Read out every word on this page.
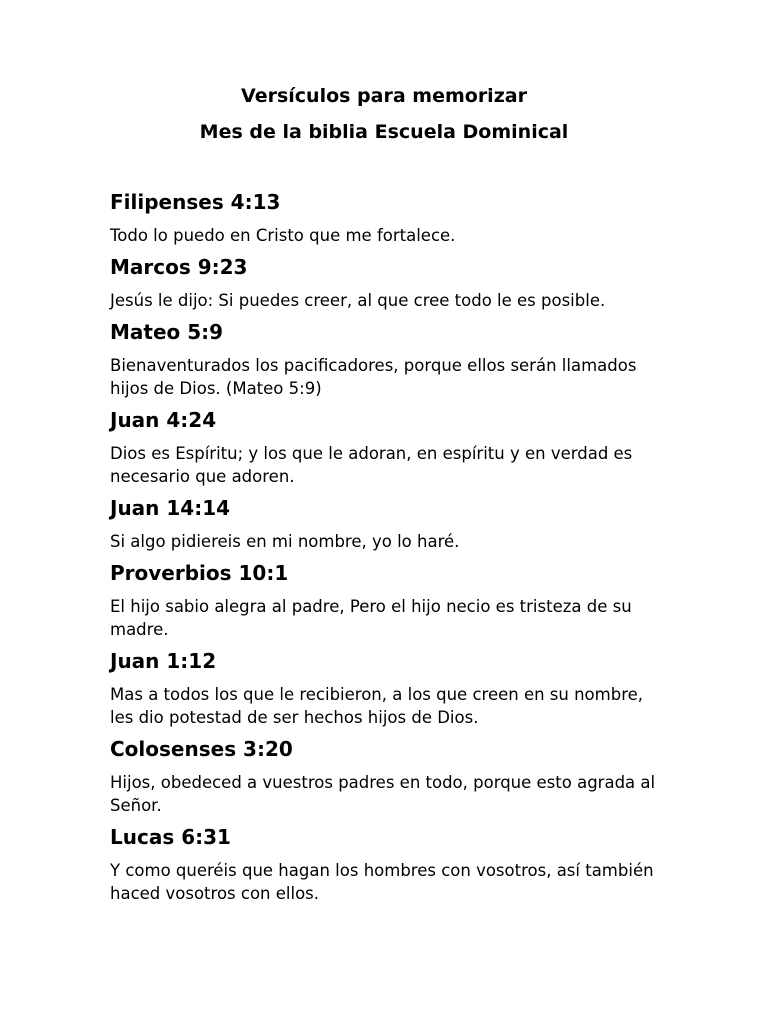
Versículos para memorizar

Mes de la biblia Escuela Dominical

Filipenses 4:13

Todo lo puedo en Cristo que me fortalece.

Marcos 9:23

Jesús le dijo: Si puedes creer, al que cree todo le es posible.

Mateo 5:9

Bienaventurados los pacificadores, porque ellos serán llamados hijos de Dios. (Mateo 5:9)

Juan 4:24

Dios es Espíritu; y los que le adoran, en espíritu y en verdad es necesario que adoren.

Juan 14:14

Si algo pidiereis en mi nombre, yo lo haré.

Proverbios 10:1

El hijo sabio alegra al padre, Pero el hijo necio es tristeza de su madre.

Juan 1:12

Mas a todos los que le recibieron, a los que creen en su nombre, les dio potestad de ser hechos hijos de Dios.

Colosenses 3:20

Hijos, obedeced a vuestros padres en todo, porque esto agrada al Señor.

Lucas 6:31

Y como queréis que hagan los hombres con vosotros, así también haced vosotros con ellos.
